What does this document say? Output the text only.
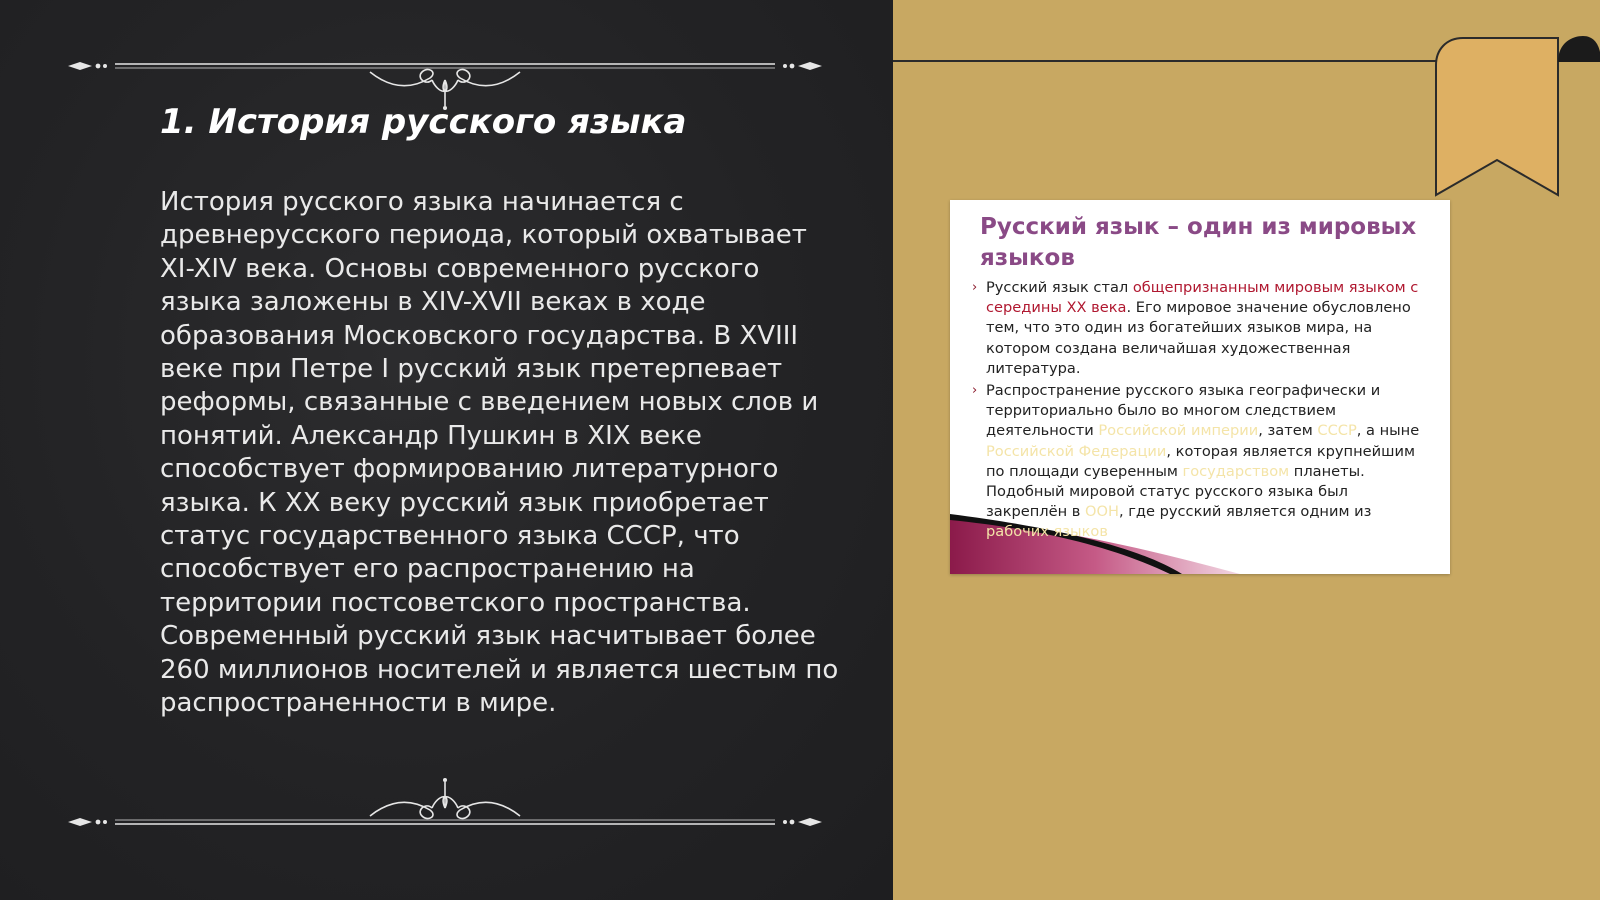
1. История русского языка

История русского языка начинается с древнерусского периода, который охватывает XI-XIV века. Основы современного русского языка заложены в XIV-XVII веках в ходе образования Московского государства. В XVIII веке при Петре I русский язык претерпевает реформы, связанные с введением новых слов и понятий. Александр Пушкин в XIX веке способствует формированию литературного языка. К XX веку русский язык приобретает статус государственного языка СССР, что способствует его распространению на территории постсоветского пространства. Современный русский язык насчитывает более 260 миллионов носителей и является шестым по распространенности в мире.

Русский язык – один из мировых языков
› Русский язык стал общепризнанным мировым языком с середины XX века. Его мировое значение обусловлено тем, что это один из богатейших языков мира, на котором создана величайшая художественная литература.
› Распространение русского языка географически и территориально было во многом следствием деятельности Российской империи, затем СССР, а ныне Российской Федерации, которая является крупнейшим по площади суверенным государством планеты. Подобный мировой статус русского языка был закреплён в ООН, где русский является одним из рабочих языков
